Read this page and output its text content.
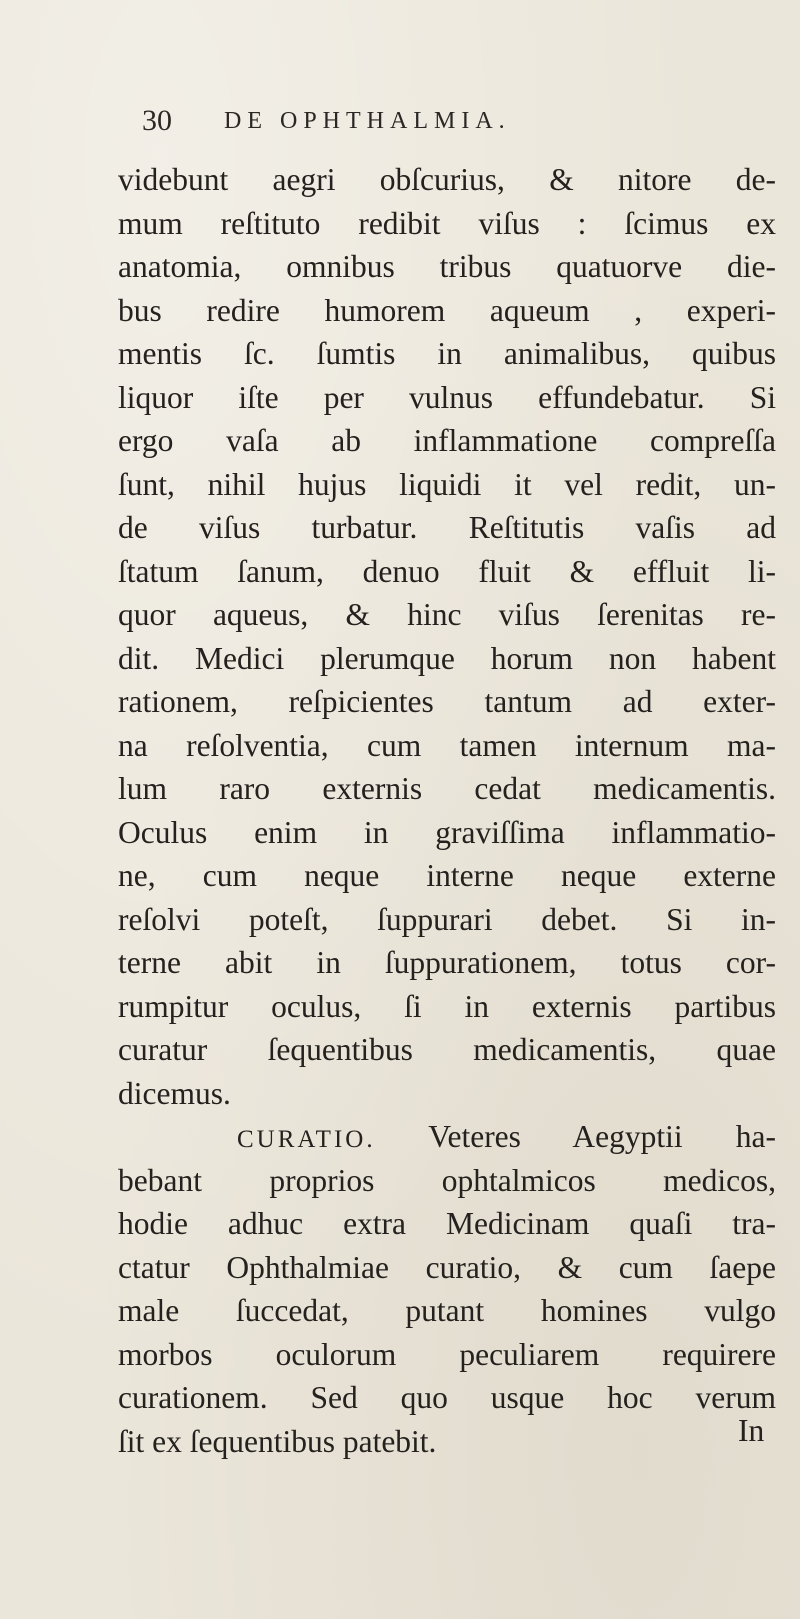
30 DE OPHTHALMIA.
videbunt aegri obſcurius, & nitore de-
mum reſtituto redibit viſus : ſcimus ex
anatomia, omnibus tribus quatuorve die-
bus redire humorem aqueum , experi-
mentis ſc. ſumtis in animalibus, quibus
liquor iſte per vulnus effundebatur. Si
ergo vaſa ab inflammatione compreſſa
ſunt, nihil hujus liquidi it vel redit, un-
de viſus turbatur. Reſtitutis vaſis ad
ſtatum ſanum, denuo fluit & effluit li-
quor aqueus, & hinc viſus ſerenitas re-
dit. Medici plerumque horum non habent
rationem, reſpicientes tantum ad exter-
na reſolventia, cum tamen internum ma-
lum raro externis cedat medicamentis.
Oculus enim in graviſſima inflammatio-
ne, cum neque interne neque externe
reſolvi poteſt, ſuppurari debet. Si in-
terne abit in ſuppurationem, totus cor-
rumpitur oculus, ſi in externis partibus
curatur ſequentibus medicamentis, quae
dicemus.
CURATIO. Veteres Aegyptii ha-
bebant proprios ophtalmicos medicos,
hodie adhuc extra Medicinam quaſi tra-
ctatur Ophthalmiae curatio, & cum ſaepe
male ſuccedat, putant homines vulgo
morbos oculorum peculiarem requirere
curationem. Sed quo usque hoc verum
ſit ex ſequentibus patebit.	In
